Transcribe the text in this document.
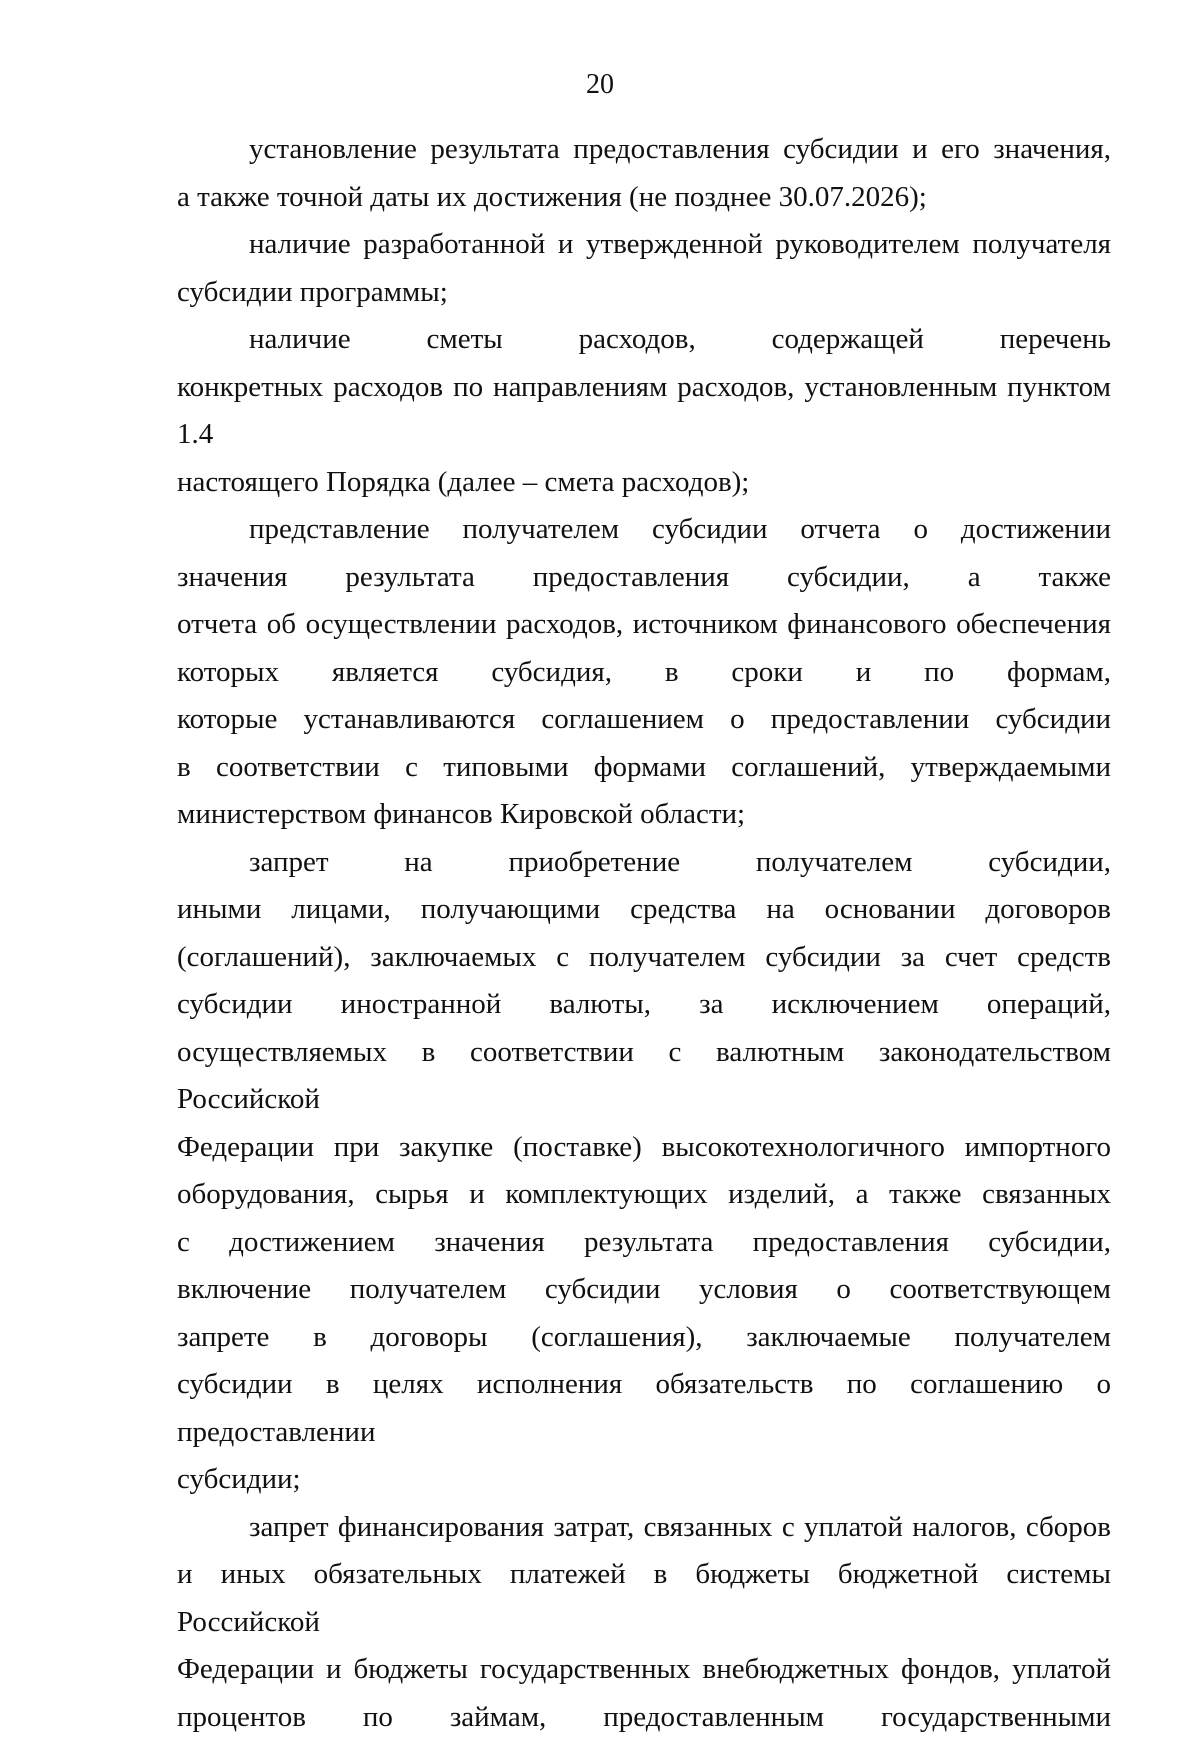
20
установление результата предоставления субсидии и его значения,
а также точной даты их достижения (не позднее 30.07.2026);
наличие разработанной и утвержденной руководителем получателя
субсидии программы;
наличие сметы расходов, содержащей перечень
конкретных расходов по направлениям расходов, установленным пунктом 1.4
настоящего Порядка (далее – смета расходов);
представление получателем субсидии отчета о достижении
значения результата предоставления субсидии, а также
отчета об осуществлении расходов, источником финансового обеспечения
которых является субсидия, в сроки и по формам,
которые устанавливаются соглашением о предоставлении субсидии
в соответствии с типовыми формами соглашений, утверждаемыми
министерством финансов Кировской области;
запрет на приобретение получателем субсидии,
иными лицами, получающими средства на основании договоров
(соглашений), заключаемых с получателем субсидии за счет средств
субсидии иностранной валюты, за исключением операций,
осуществляемых в соответствии с валютным законодательством Российской
Федерации при закупке (поставке) высокотехнологичного импортного
оборудования, сырья и комплектующих изделий, а также связанных
с достижением значения результата предоставления субсидии,
включение получателем субсидии условия о соответствующем
запрете в договоры (соглашения), заключаемые получателем
субсидии в целях исполнения обязательств по соглашению о предоставлении
субсидии;
запрет финансирования затрат, связанных с уплатой налогов, сборов
и иных обязательных платежей в бюджеты бюджетной системы Российской
Федерации и бюджеты государственных внебюджетных фондов, уплатой
процентов по займам, предоставленным государственными
